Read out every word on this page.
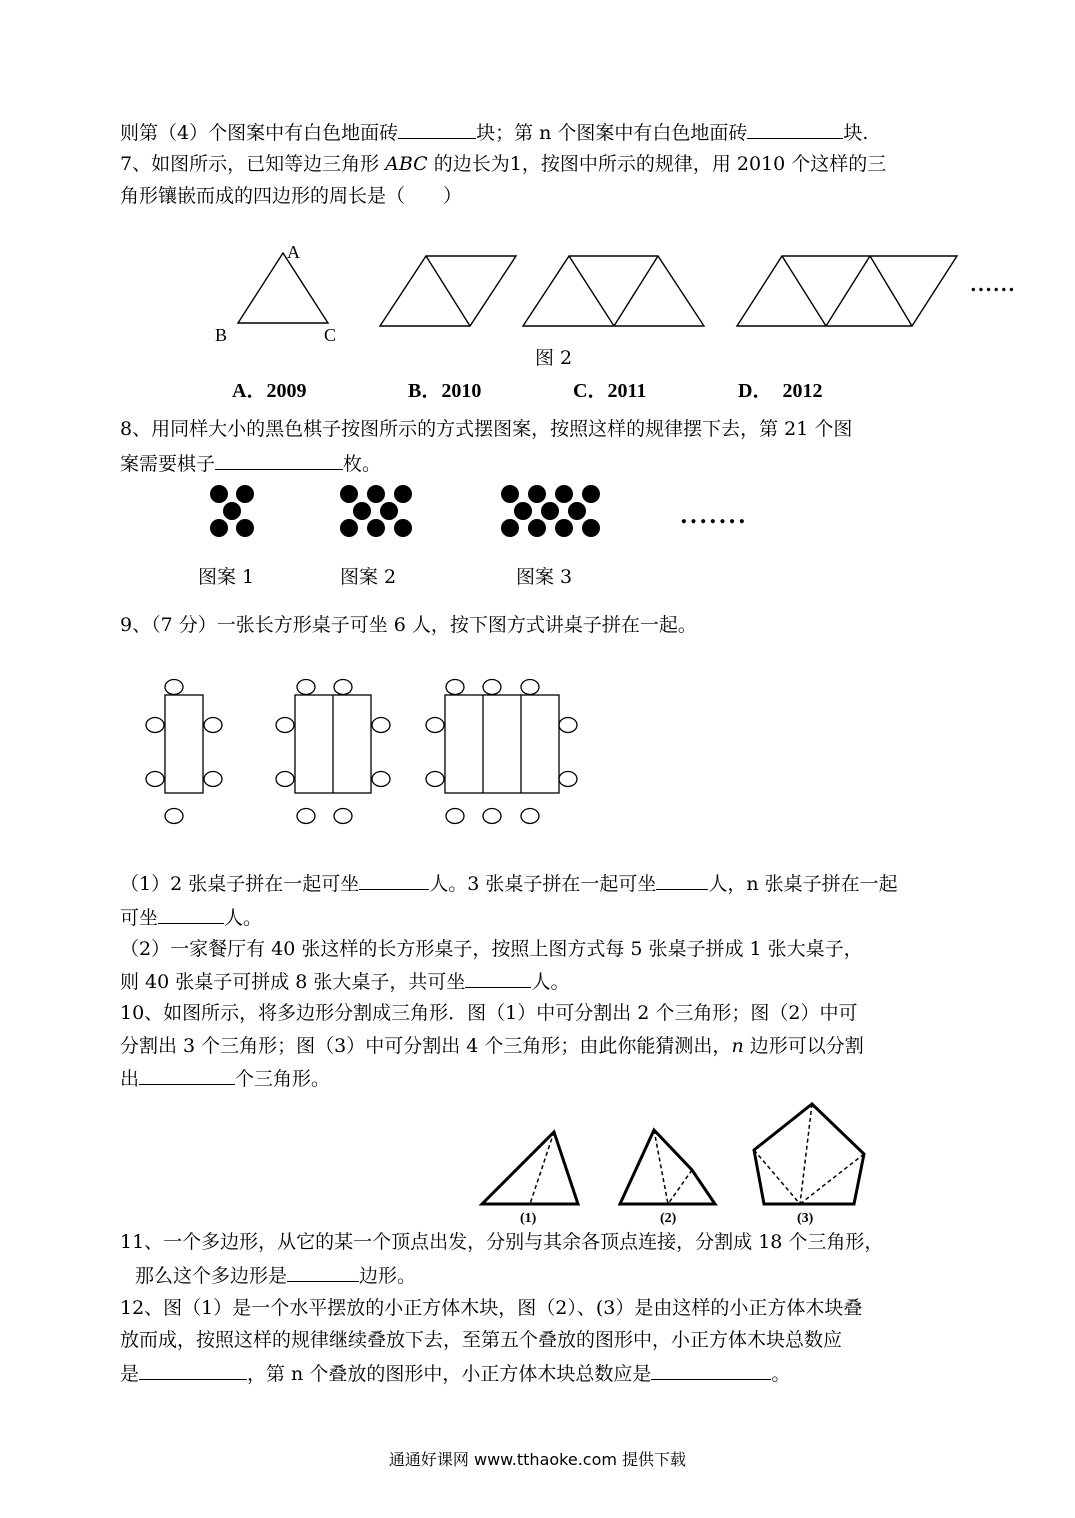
则第（4）个图案中有白色地面砖	块；第 n 个图案中有白色地面砖	块.
7、如图所示，已知等边三角形 ABC 的边长为1，按图中所示的规律，用 2010 个这样的三
角形镶嵌而成的四边形的周长是（　　）
A
B	C
......
图 2
A．2009	B．2010	C．2011	D．  2012
8、用同样大小的黑色棋子按图所示的方式摆图案，按照这样的规律摆下去，第 21 个图
案需要棋子	枚。
.......
图案 1	图案 2	图案 3
9、（7 分）一张长方形桌子可坐 6 人，按下图方式讲桌子拼在一起。
（1）2 张桌子拼在一起可坐	人。3 张桌子拼在一起可坐	人，n 张桌子拼在一起
可坐	人。
（2）一家餐厅有 40 张这样的长方形桌子，按照上图方式每 5 张桌子拼成 1 张大桌子，
则 40 张桌子可拼成 8 张大桌子，共可坐	人。
10、如图所示，将多边形分割成三角形．图（1）中可分割出 2 个三角形；图（2）中可
分割出 3 个三角形；图（3）中可分割出 4 个三角形；由此你能猜测出，n 边形可以分割
出	个三角形。
(1)	(2)	(3)
11、一个多边形，从它的某一个顶点出发，分别与其余各顶点连接，分割成 18 个三角形，
那么这个多边形是	边形。
12、图（1）是一个水平摆放的小正方体木块，图（2）、(3）是由这样的小正方体木块叠
放而成，按照这样的规律继续叠放下去，至第五个叠放的图形中，小正方体木块总数应
是	，第 n 个叠放的图形中，小正方体木块总数应是	。
通通好课网 www.tthaoke.com 提供下载
